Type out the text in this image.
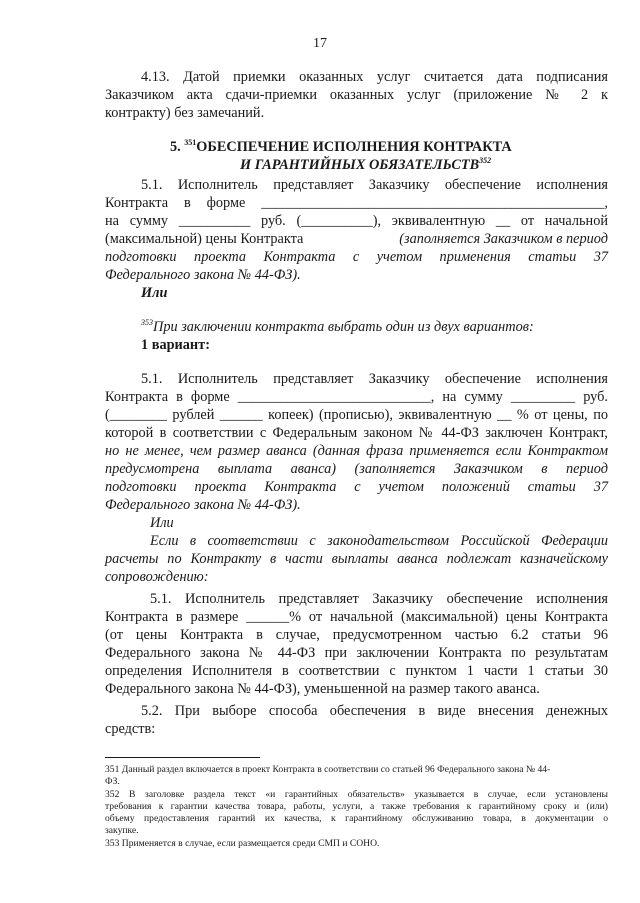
17
4.13. Датой приемки оказанных услуг считается дата подписания
Заказчиком акта сдачи-приемки оказанных услуг (приложение № 2 к
контракту) без замечаний.
5. $^{351}$ОБЕСПЕЧЕНИЕ ИСПОЛНЕНИЯ КОНТРАКТА
И ГАРАНТИЙНЫХ ОБЯЗАТЕЛЬСТВ$^{352}$
5.1. Исполнитель представляет Заказчику обеспечение исполнения
Контракта в форме ________________________________________________,
на сумму __________ руб. (__________), эквивалентную __ от начальной
(максимальной) цены Контракта	(заполняется Заказчиком в период
подготовки проекта Контракта с учетом применения статьи 37
Федерального закона № 44-ФЗ).
Или
$^{353}$При заключении контракта выбрать один из двух вариантов:
1 вариант:
5.1. Исполнитель представляет Заказчику обеспечение исполнения
Контракта в форме ___________________________, на сумму _________ руб.
(________ рублей ______ копеек) (прописью), эквивалентную __ % от цены, по
которой в соответствии с Федеральным законом № 44-ФЗ заключен Контракт,
но не менее, чем размер аванса (данная фраза применяется если Контрактом
предусмотрена выплата аванса) (заполняется Заказчиком в период
подготовки проекта Контракта с учетом положений статьи 37
Федерального закона № 44-ФЗ).
Или
Если в соответствии с законодательством Российской Федерации
расчеты по Контракту в части выплаты аванса подлежат казначейскому
сопровождению:
5.1. Исполнитель представляет Заказчику обеспечение исполнения
Контракта в размере ______% от начальной (максимальной) цены Контракта
(от цены Контракта в случае, предусмотренном частью 6.2 статьи 96
Федерального закона № 44-ФЗ при заключении Контракта по результатам
определения Исполнителя в соответствии с пунктом 1 части 1 статьи 30
Федерального закона № 44-ФЗ), уменьшенной на размер такого аванса.
5.2. При выборе способа обеспечения в виде внесения денежных
средств:
351 Данный раздел включается в проект Контракта в соответствии со статьей 96 Федерального закона № 44-
ФЗ.
352 В заголовке раздела текст «и гарантийных обязательств» указывается в случае, если установлены
требования к гарантии качества товара, работы, услуги, а также требования к гарантийному сроку и (или)
объему предоставления гарантий их качества, к гарантийному обслуживанию товара, в документации о
закупке.
353 Применяется в случае, если размещается среди СМП и СОНО.
